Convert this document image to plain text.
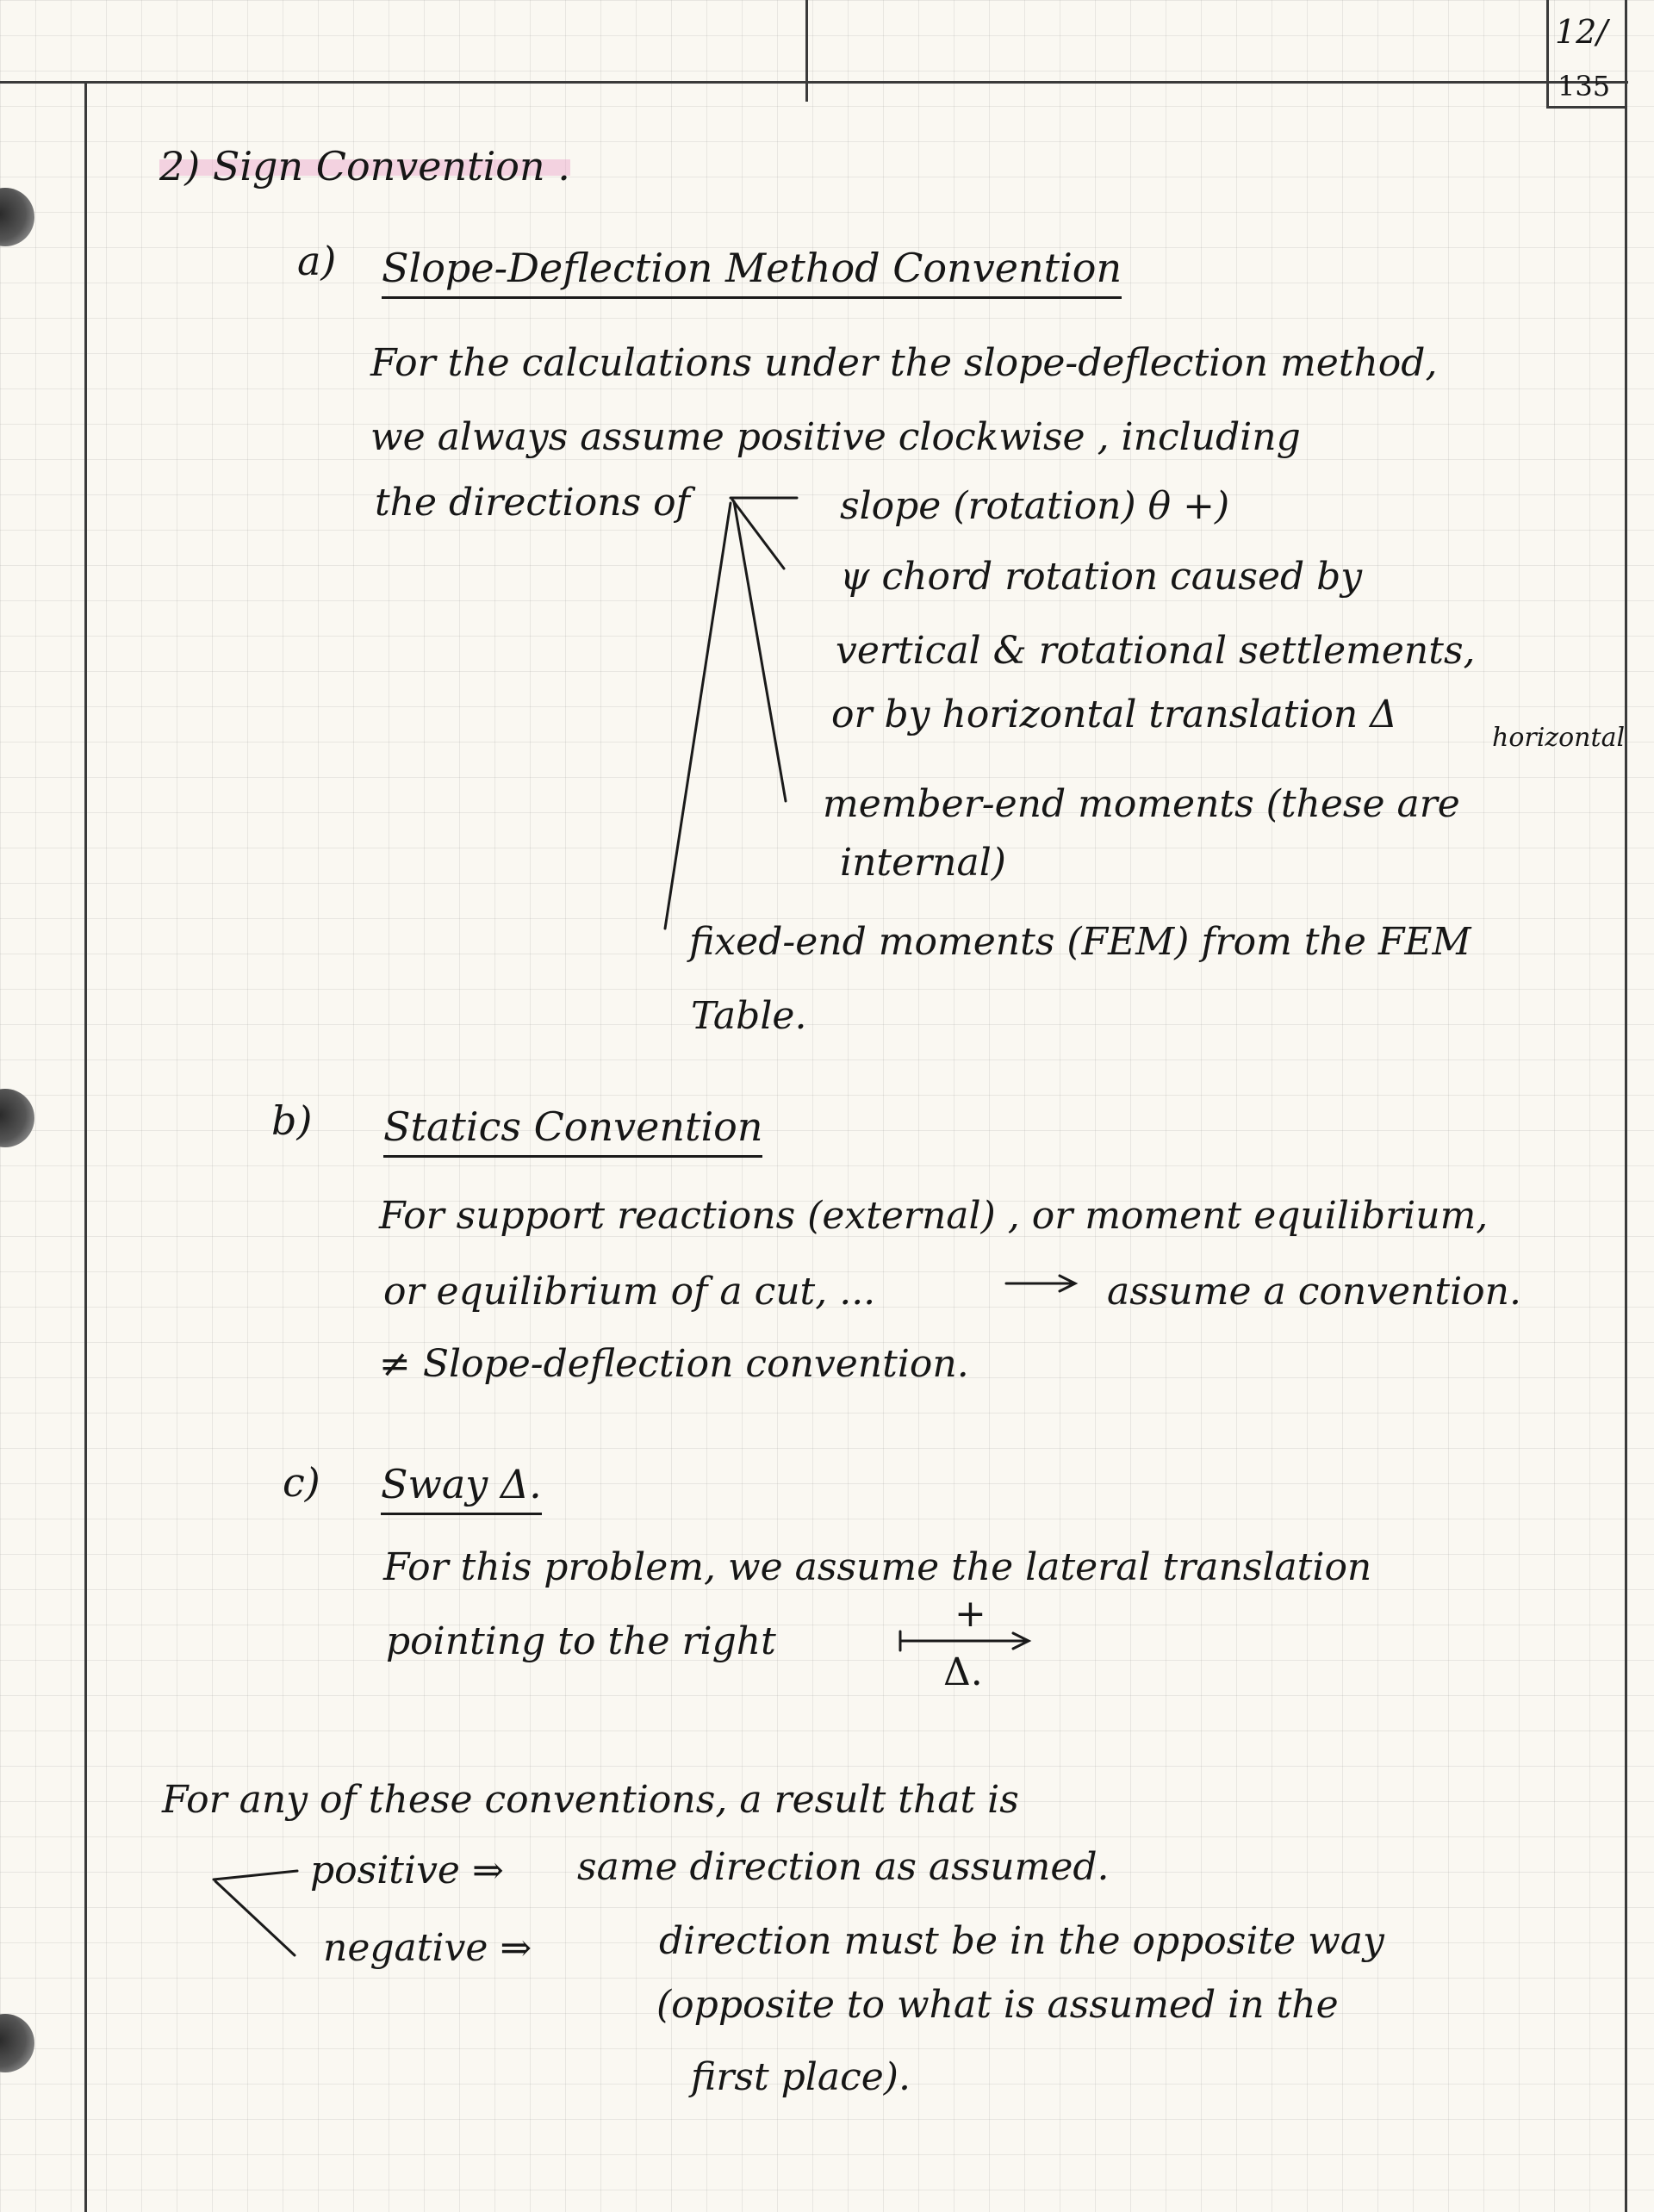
12/
135
2) Sign Convention .
a) Slope-Deflection Method Convention
For the calculations under the slope-deflection method,
we always assume positive clockwise , including
the directions of	slope (rotation) θ +)
ψ chord rotation caused by
vertical & rotational settlements,
or by horizontal translation Δ
horizontal
member-end moments (these are
internal)
fixed-end moments (FEM) from the FEM
Table.
b) Statics Convention
For support reactions (external) , or moment equilibrium,
or equilibrium of a cut, ...	assume a convention.
≠ Slope-deflection convention.
c) Sway Δ.
For this problem, we assume the lateral translation
pointing to the right
+
Δ.
For any of these conventions, a result that is
positive ⇒ same direction as assumed.
negative ⇒	direction must be in the opposite way
(opposite to what is assumed in the
first place).
